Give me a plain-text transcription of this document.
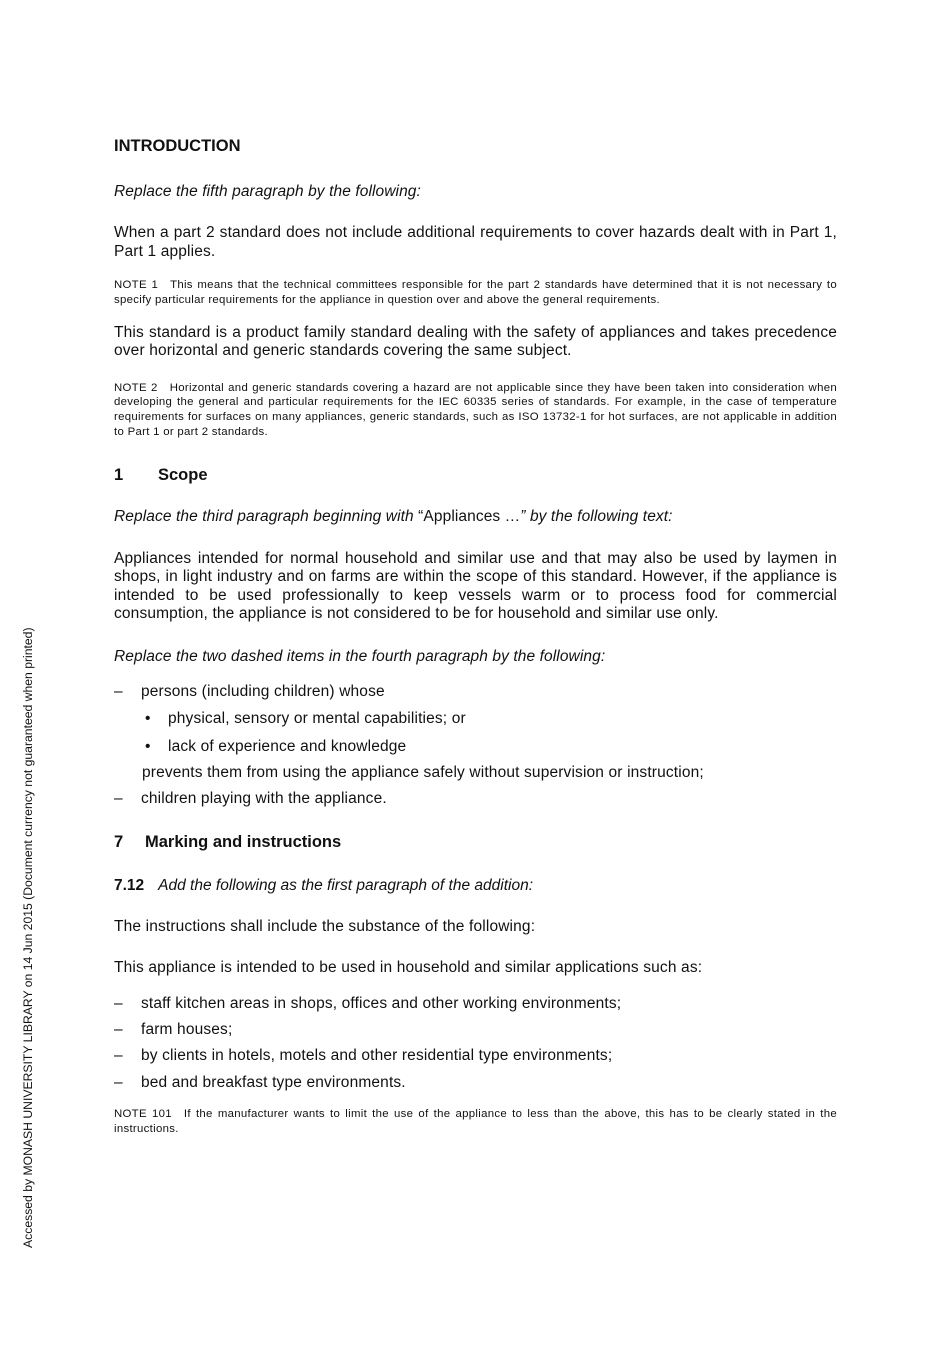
INTRODUCTION

Replace the fifth paragraph by the following:

When a part 2 standard does not include additional requirements to cover hazards dealt with in Part 1, Part 1 applies.

NOTE 1 This means that the technical committees responsible for the part 2 standards have determined that it is not necessary to specify particular requirements for the appliance in question over and above the general requirements.

This standard is a product family standard dealing with the safety of appliances and takes precedence over horizontal and generic standards covering the same subject.

NOTE 2 Horizontal and generic standards covering a hazard are not applicable since they have been taken into consideration when developing the general and particular requirements for the IEC 60335 series of standards. For example, in the case of temperature requirements for surfaces on many appliances, generic standards, such as ISO 13732-1 for hot surfaces, are not applicable in addition to Part 1 or part 2 standards.

1 Scope

Replace the third paragraph beginning with “Appliances …” by the following text:

Appliances intended for normal household and similar use and that may also be used by laymen in shops, in light industry and on farms are within the scope of this standard. However, if the appliance is intended to be used professionally to keep vessels warm or to process food for commercial consumption, the appliance is not considered to be for household and similar use only.

Replace the two dashed items in the fourth paragraph by the following:

– persons (including children) whose
• physical, sensory or mental capabilities; or
• lack of experience and knowledge
prevents them from using the appliance safely without supervision or instruction;
– children playing with the appliance.
7 Marking and instructions

7.12 Add the following as the first paragraph of the addition:

The instructions shall include the substance of the following:

This appliance is intended to be used in household and similar applications such as:

– staff kitchen areas in shops, offices and other working environments;
– farm houses;
– by clients in hotels, motels and other residential type environments;
– bed and breakfast type environments.

NOTE 101 If the manufacturer wants to limit the use of the appliance to less than the above, this has to be clearly stated in the instructions.

Accessed by MONASH UNIVERSITY LIBRARY on 14 Jun 2015 (Document currency not guaranteed when printed)
